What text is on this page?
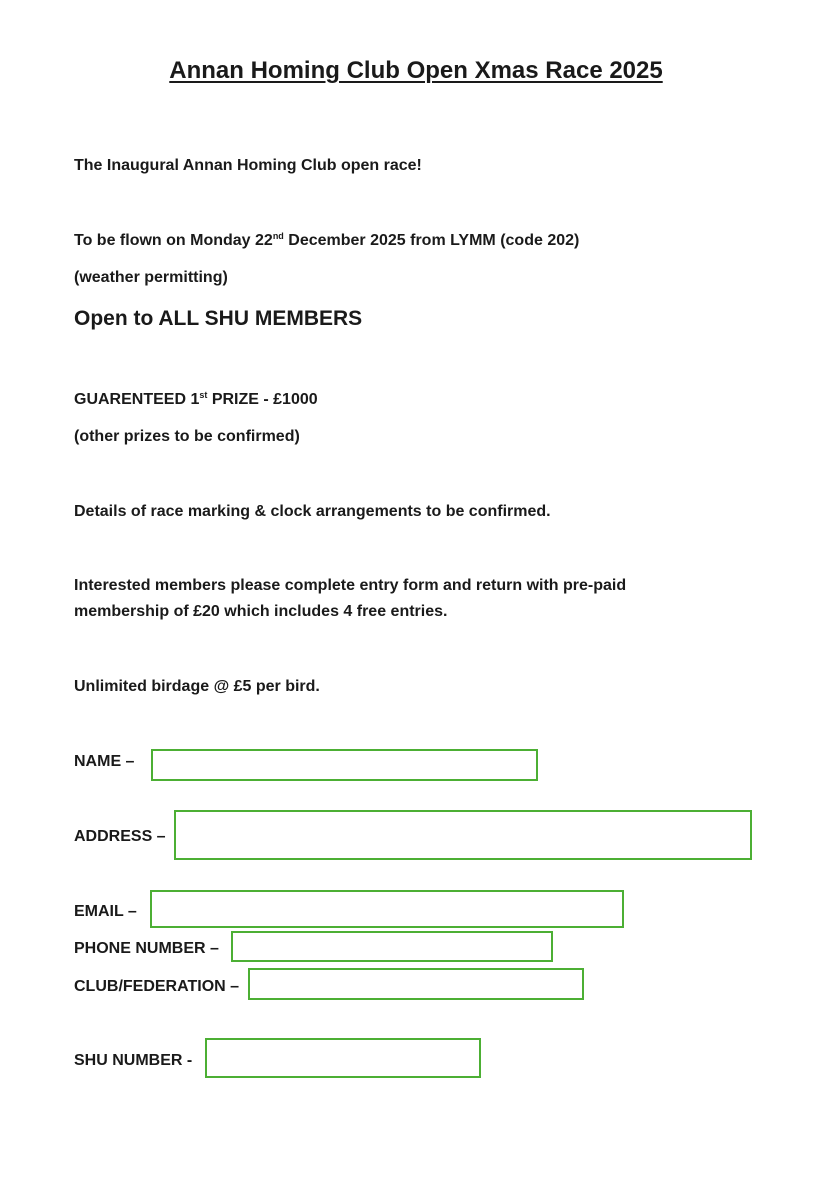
Annan Homing Club Open Xmas Race 2025

The Inaugural Annan Homing Club open race!

To be flown on Monday 22nd December 2025 from LYMM (code 202)

(weather permitting)

Open to ALL SHU MEMBERS

GUARENTEED 1st PRIZE - £1000

(other prizes to be confirmed)

Details of race marking & clock arrangements to be confirmed.

Interested members please complete entry form and return with pre-paid membership of £20 which includes 4 free entries.

Unlimited birdage @ £5 per bird.

NAME –
ADDRESS –
EMAIL –
PHONE NUMBER –
CLUB/FEDERATION –
SHU NUMBER -
